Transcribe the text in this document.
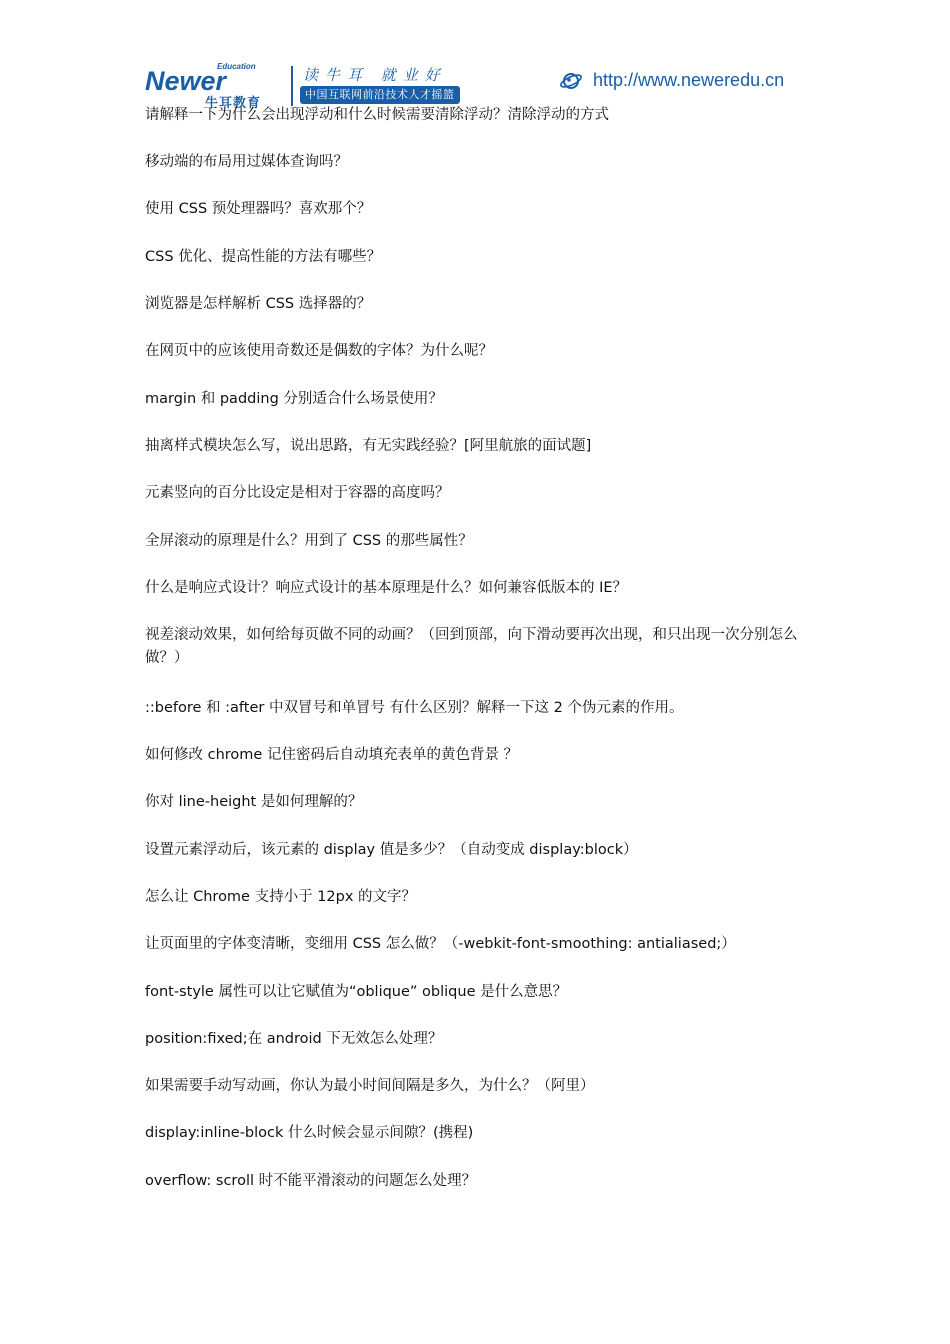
Education
Newer
牛耳教育
读牛耳 就业好
中国互联网前沿技术人才摇篮
http://www.neweredu.cn
请解释一下为什么会出现浮动和什么时候需要清除浮动？清除浮动的方式
移动端的布局用过媒体查询吗？
使用 CSS 预处理器吗？喜欢那个？
CSS 优化、提高性能的方法有哪些？
浏览器是怎样解析 CSS 选择器的？
在网页中的应该使用奇数还是偶数的字体？为什么呢？
margin 和 padding 分别适合什么场景使用？
抽离样式模块怎么写，说出思路，有无实践经验？[阿里航旅的面试题]
元素竖向的百分比设定是相对于容器的高度吗？
全屏滚动的原理是什么？用到了 CSS 的那些属性？
什么是响应式设计？响应式设计的基本原理是什么？如何兼容低版本的 IE？
视差滚动效果，如何给每页做不同的动画？（回到顶部，向下滑动要再次出现，和只出现一次分别怎么做？）
::before 和 :after 中双冒号和单冒号 有什么区别？解释一下这 2 个伪元素的作用。
如何修改 chrome 记住密码后自动填充表单的黄色背景 ？
你对 line-height 是如何理解的？
设置元素浮动后，该元素的 display 值是多少？（自动变成 display:block）
怎么让 Chrome 支持小于 12px 的文字？
让页面里的字体变清晰，变细用 CSS 怎么做？（-webkit-font-smoothing: antialiased;）
font-style 属性可以让它赋值为“oblique” oblique 是什么意思？
position:fixed;在 android 下无效怎么处理？
如果需要手动写动画，你认为最小时间间隔是多久，为什么？（阿里）
display:inline-block 什么时候会显示间隙？(携程)
overflow: scroll 时不能平滑滚动的问题怎么处理？
